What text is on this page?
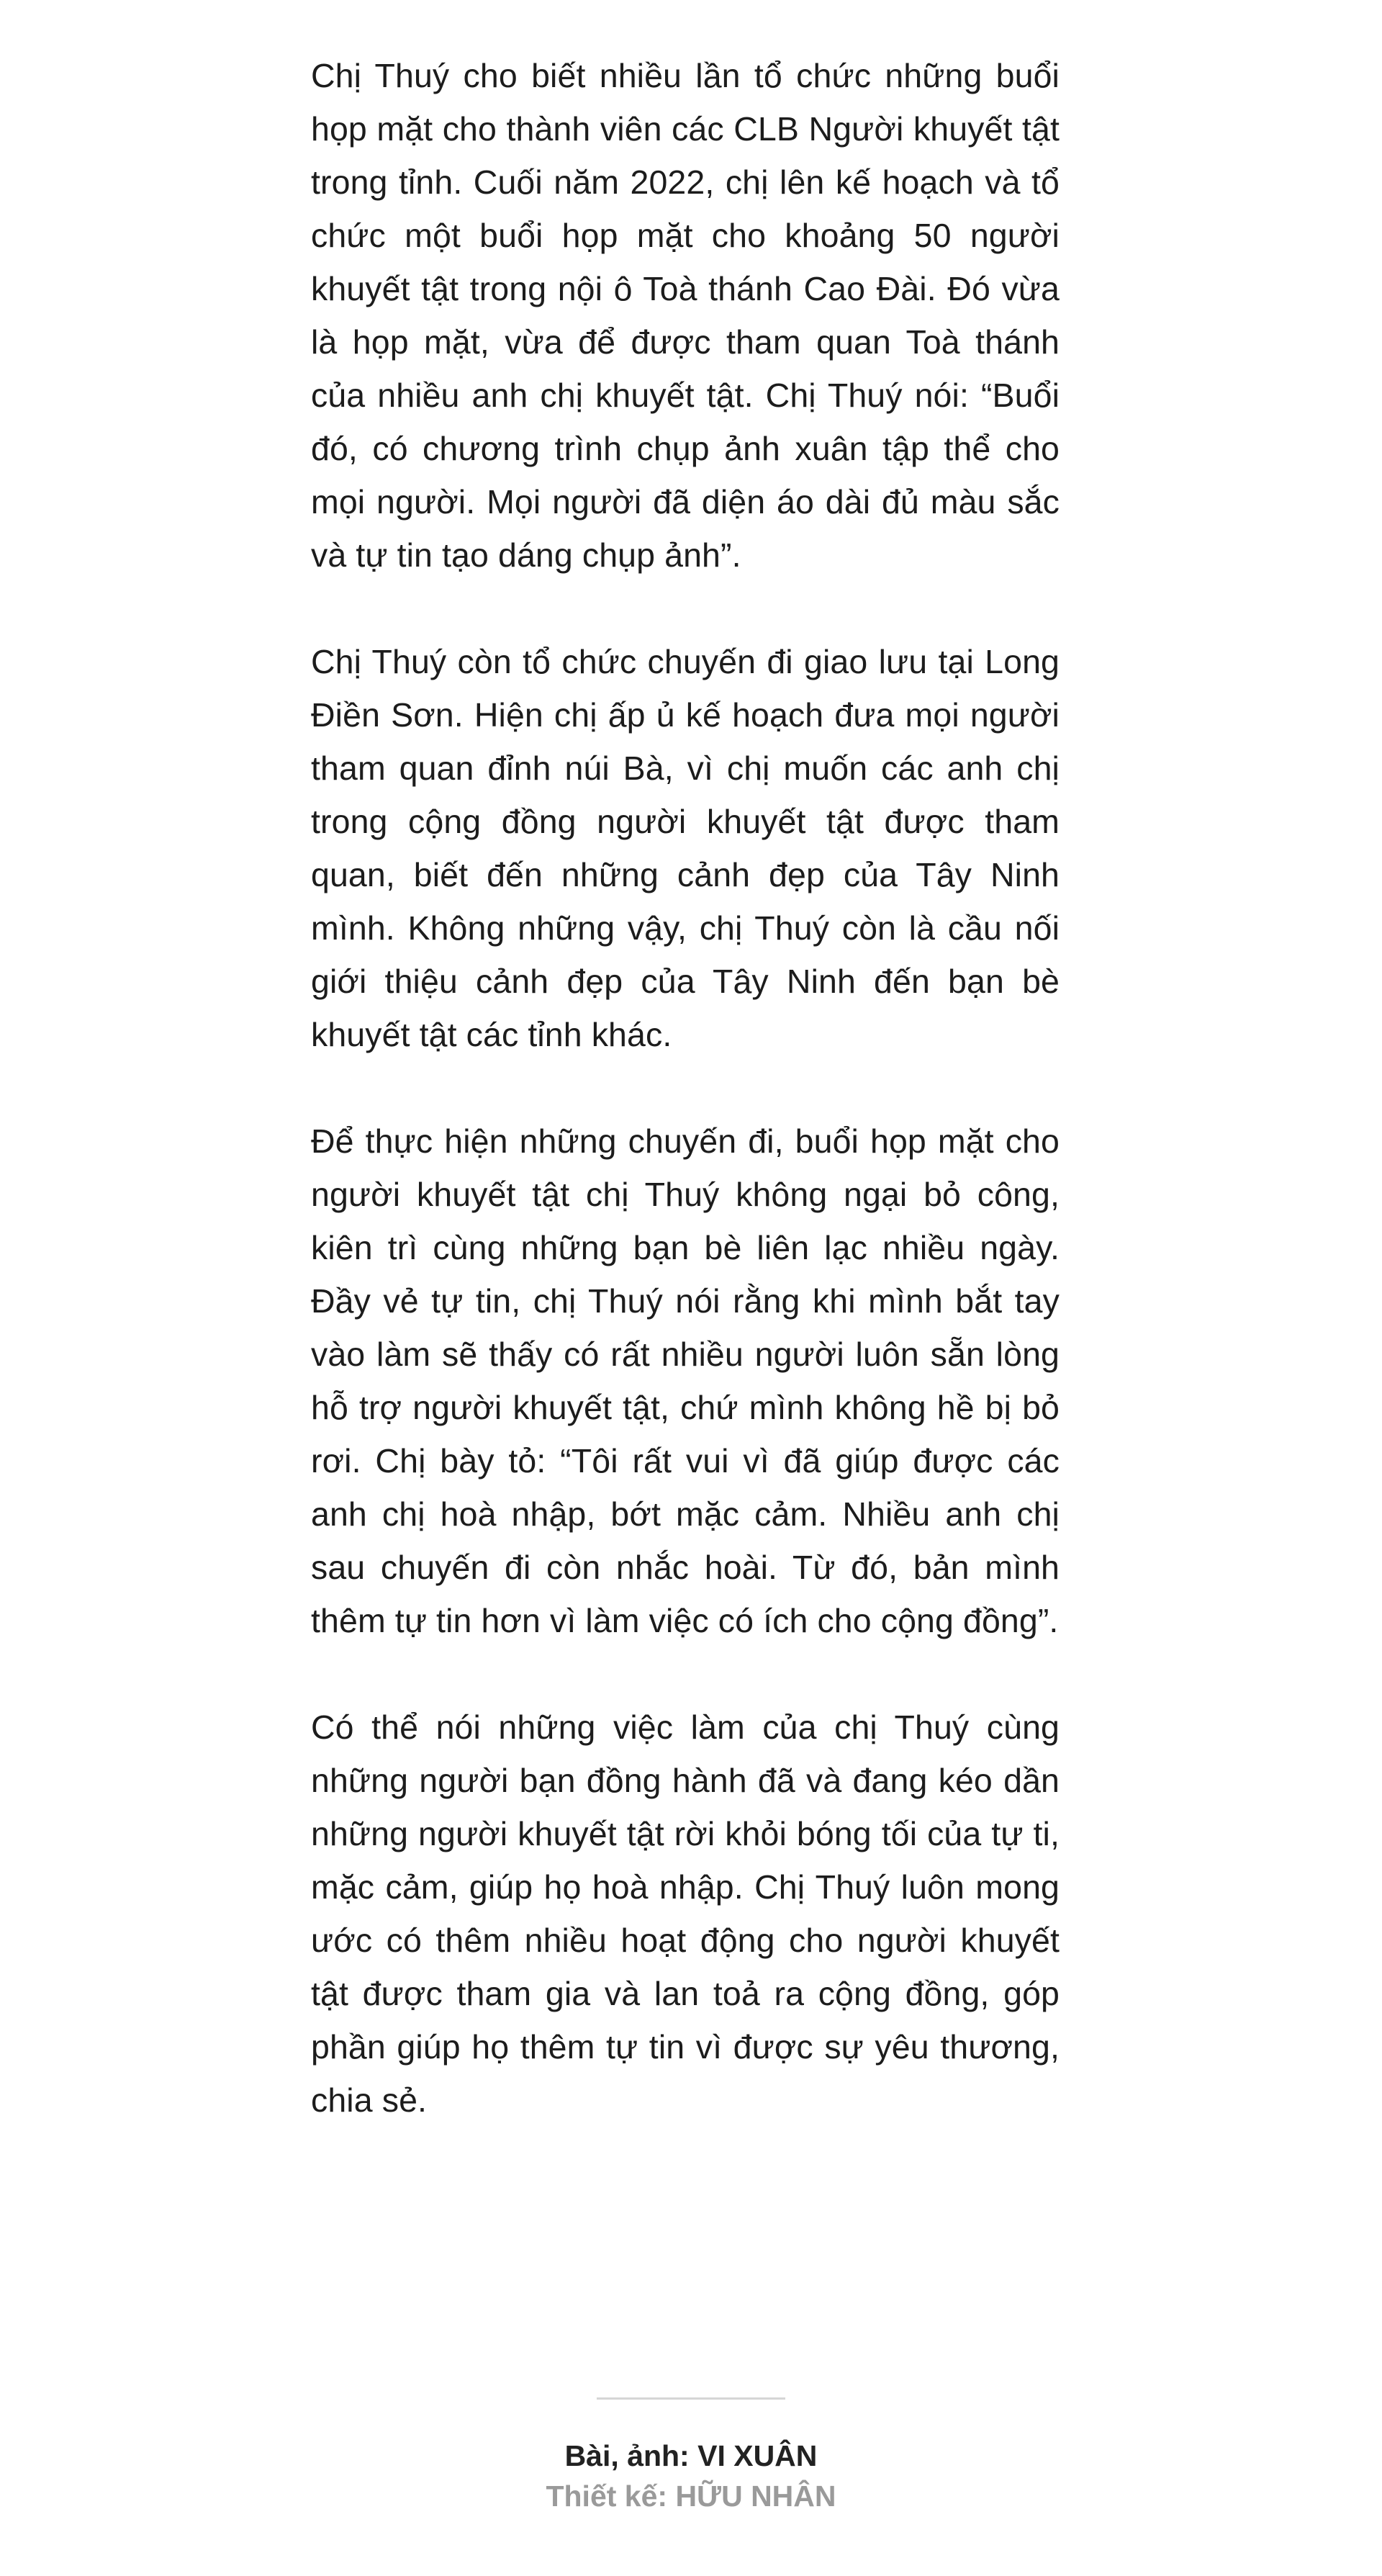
Chị Thuý cho biết nhiều lần tổ chức những buổi họp mặt cho thành viên các CLB Người khuyết tật trong tỉnh. Cuối năm 2022, chị lên kế hoạch và tổ chức một buổi họp mặt cho khoảng 50 người khuyết tật trong nội ô Toà thánh Cao Đài. Đó vừa là họp mặt, vừa để được tham quan Toà thánh của nhiều anh chị khuyết tật. Chị Thuý nói: “Buổi đó, có chương trình chụp ảnh xuân tập thể cho mọi người. Mọi người đã diện áo dài đủ màu sắc và tự tin tạo dáng chụp ảnh”.

Chị Thuý còn tổ chức chuyến đi giao lưu tại Long Điền Sơn. Hiện chị ấp ủ kế hoạch đưa mọi người tham quan đỉnh núi Bà, vì chị muốn các anh chị trong cộng đồng người khuyết tật được tham quan, biết đến những cảnh đẹp của Tây Ninh mình. Không những vậy, chị Thuý còn là cầu nối giới thiệu cảnh đẹp của Tây Ninh đến bạn bè khuyết tật các tỉnh khác.

Để thực hiện những chuyến đi, buổi họp mặt cho người khuyết tật chị Thuý không ngại bỏ công, kiên trì cùng những bạn bè liên lạc nhiều ngày. Đầy vẻ tự tin, chị Thuý nói rằng khi mình bắt tay vào làm sẽ thấy có rất nhiều người luôn sẵn lòng hỗ trợ người khuyết tật, chứ mình không hề bị bỏ rơi. Chị bày tỏ: “Tôi rất vui vì đã giúp được các anh chị hoà nhập, bớt mặc cảm. Nhiều anh chị sau chuyến đi còn nhắc hoài. Từ đó, bản mình thêm tự tin hơn vì làm việc có ích cho cộng đồng”.

Có thể nói những việc làm của chị Thuý cùng những người bạn đồng hành đã và đang kéo dần những người khuyết tật rời khỏi bóng tối của tự ti, mặc cảm, giúp họ hoà nhập. Chị Thuý luôn mong ước có thêm nhiều hoạt động cho người khuyết tật được tham gia và lan toả ra cộng đồng, góp phần giúp họ thêm tự tin vì được sự yêu thương, chia sẻ.

Bài, ảnh: VI XUÂN
Thiết kế: HỮU NHÂN
